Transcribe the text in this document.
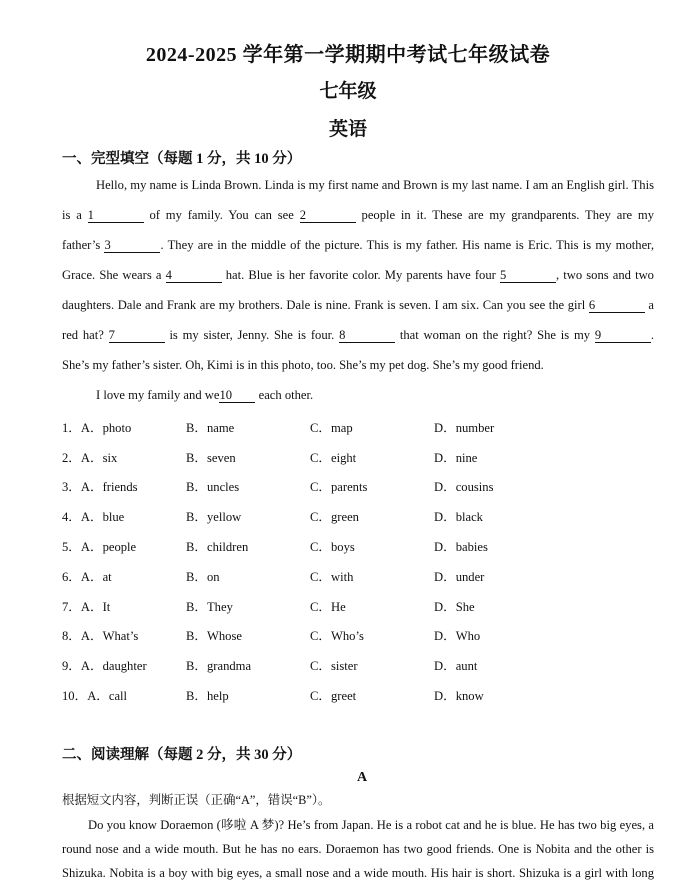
2024-2025 学年第一学期期中考试七年级试卷
七年级
英语
一、完型填空（每题 1 分，共 10 分）
Hello, my name is Linda Brown. Linda is my first name and Brown is my last name. I am an English girl. This
is a 1	of my family. You can see 2	people in it. These are my grandparents. They are my
father’s 3	. They are in the middle of the picture. This is my father. His name is Eric. This is my mother,
Grace. She wears a 4	hat. Blue is her favorite color. My parents have four 5	, two sons and two
daughters. Dale and Frank are my brothers. Dale is nine. Frank is seven. I am six. Can you see the girl 6	a
red hat? 7	is my sister, Jenny. She is four. 8	that woman on the right? She is my 9	.
She’s my father’s sister. Oh, Kimi is in this photo, too. She’s my pet dog. She’s my good friend.
I love my family and we10 each other.
1．A．photo	B．name	C．map	D．number
2．A．six	B．seven	C．eight	D．nine
3．A．friends	B．uncles	C．parents	D．cousins
4．A．blue	B．yellow	C．green	D．black
5．A．people	B．children	C．boys	D．babies
6．A．at	B．on	C．with	D．under
7．A．It	B．They	C．He	D．She
8．A．What’s	B．Whose	C．Who’s	D．Who
9．A．daughter	B．grandma	C．sister	D．aunt
10．A．call	B．help	C．greet	D．know
二、阅读理解（每题 2 分，共 30 分）
A
根据短文内容，判断正误（正确“A”，错误“B”）。
Do you know Doraemon (哆啦 A 梦)? He’s from Japan. He is a robot cat and he is blue. He has two big eyes, a
round nose and a wide mouth. But he has no ears. Doraemon has two good friends. One is Nobita and the other is
Shizuka. Nobita is a boy with big eyes, a small nose and a wide mouth. His hair is short. Shizuka is a girl with long
